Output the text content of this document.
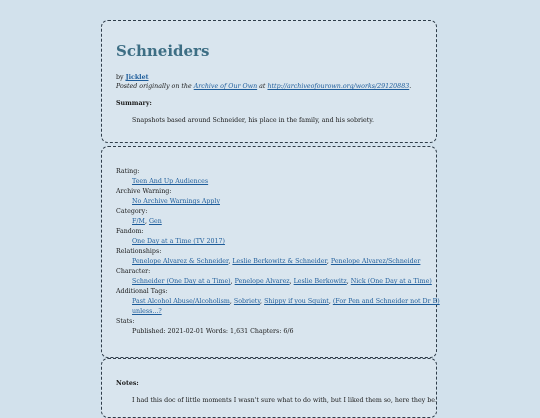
Schneiders
by Jicklet
Posted originally on the Archive of Our Own at http://archiveofourown.org/works/29120883.
Summary:
Snapshots based around Schneider, his place in the family, and his sobriety.
Rating:
Teen And Up Audiences
Archive Warning:
No Archive Warnings Apply
Category:
F/M, Gen
Fandom:
One Day at a Time (TV 2017)
Relationships:
Penelope Alvarez & Schneider, Leslie Berkowitz & Schneider, Penelope Alvarez/Schneider
Character:
Schneider (One Day at a Time), Penelope Alvarez, Leslie Berkowitz, Nick (One Day at a Time)
Additional Tags:
Past Alcohol Abuse/Alcoholism, Sobriety, Shippy if you Squint, (For Pen and Schneider not Dr B)
unless...?
Stats:
Published: 2021-02-01 Words: 1,631 Chapters: 6/6
Notes:
I had this doc of little moments I wasn't sure what to do with, but I liked them so, here they be.
